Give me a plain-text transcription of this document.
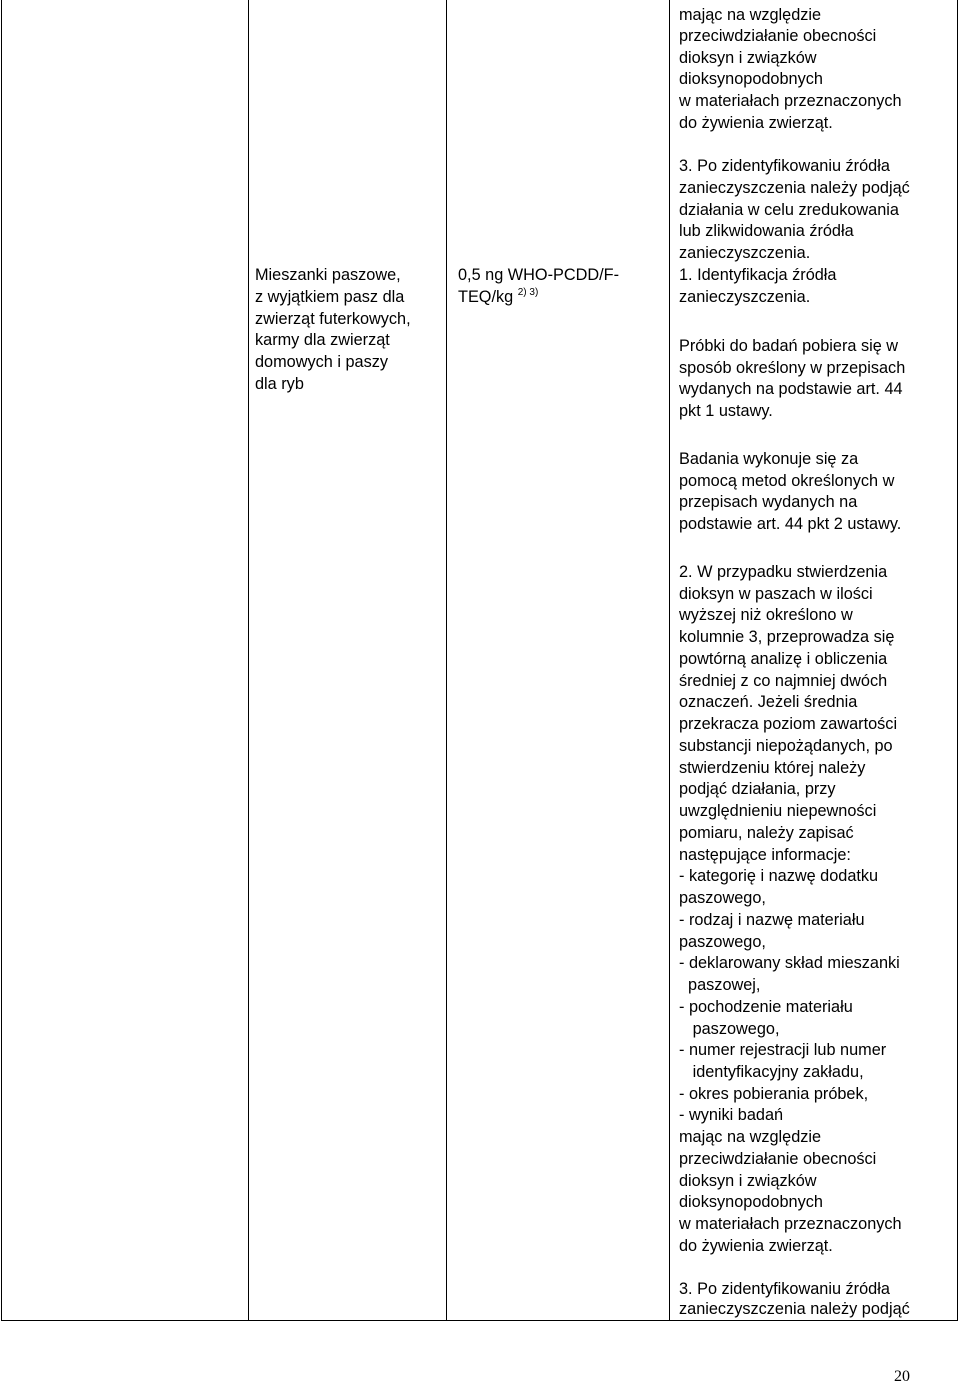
Mieszanki paszowe,
z wyjątkiem pasz dla
zwierząt futerkowych,
karmy dla zwierząt
domowych i paszy
dla ryb
0,5 ng WHO-PCDD/F-
TEQ/kg $^{2) 3)}$
mając na względzie
przeciwdziałanie obecności
dioksyn i związków
dioksynopodobnych
w materiałach przeznaczonych
do żywienia zwierząt.
3. Po zidentyfikowaniu źródła
zanieczyszczenia należy podjąć
działania w celu zredukowania
lub zlikwidowania źródła
zanieczyszczenia.
1. Identyfikacja źródła
zanieczyszczenia.
Próbki do badań pobiera się w
sposób określony w przepisach
wydanych na podstawie art. 44
pkt 1 ustawy.
Badania wykonuje się za
pomocą metod określonych w
przepisach wydanych na
podstawie art. 44 pkt 2 ustawy.
2. W przypadku stwierdzenia
dioksyn w paszach w ilości
wyższej niż określono w
kolumnie 3, przeprowadza się
powtórną analizę i obliczenia
średniej z co najmniej dwóch
oznaczeń. Jeżeli średnia
przekracza poziom zawartości
substancji niepożądanych, po
stwierdzeniu której należy
podjąć działania, przy
uwzględnieniu niepewności
pomiaru, należy zapisać
następujące informacje:
- kategorię i nazwę dodatku
paszowego,
- rodzaj i nazwę materiału
paszowego,
- deklarowany skład mieszanki
paszowej,
- pochodzenie materiału
paszowego,
- numer rejestracji lub numer
identyfikacyjny zakładu,
- okres pobierania próbek,
- wyniki badań
mając na względzie
przeciwdziałanie obecności
dioksyn i związków
dioksynopodobnych
w materiałach przeznaczonych
do żywienia zwierząt.
3. Po zidentyfikowaniu źródła
zanieczyszczenia należy podjąć
20
